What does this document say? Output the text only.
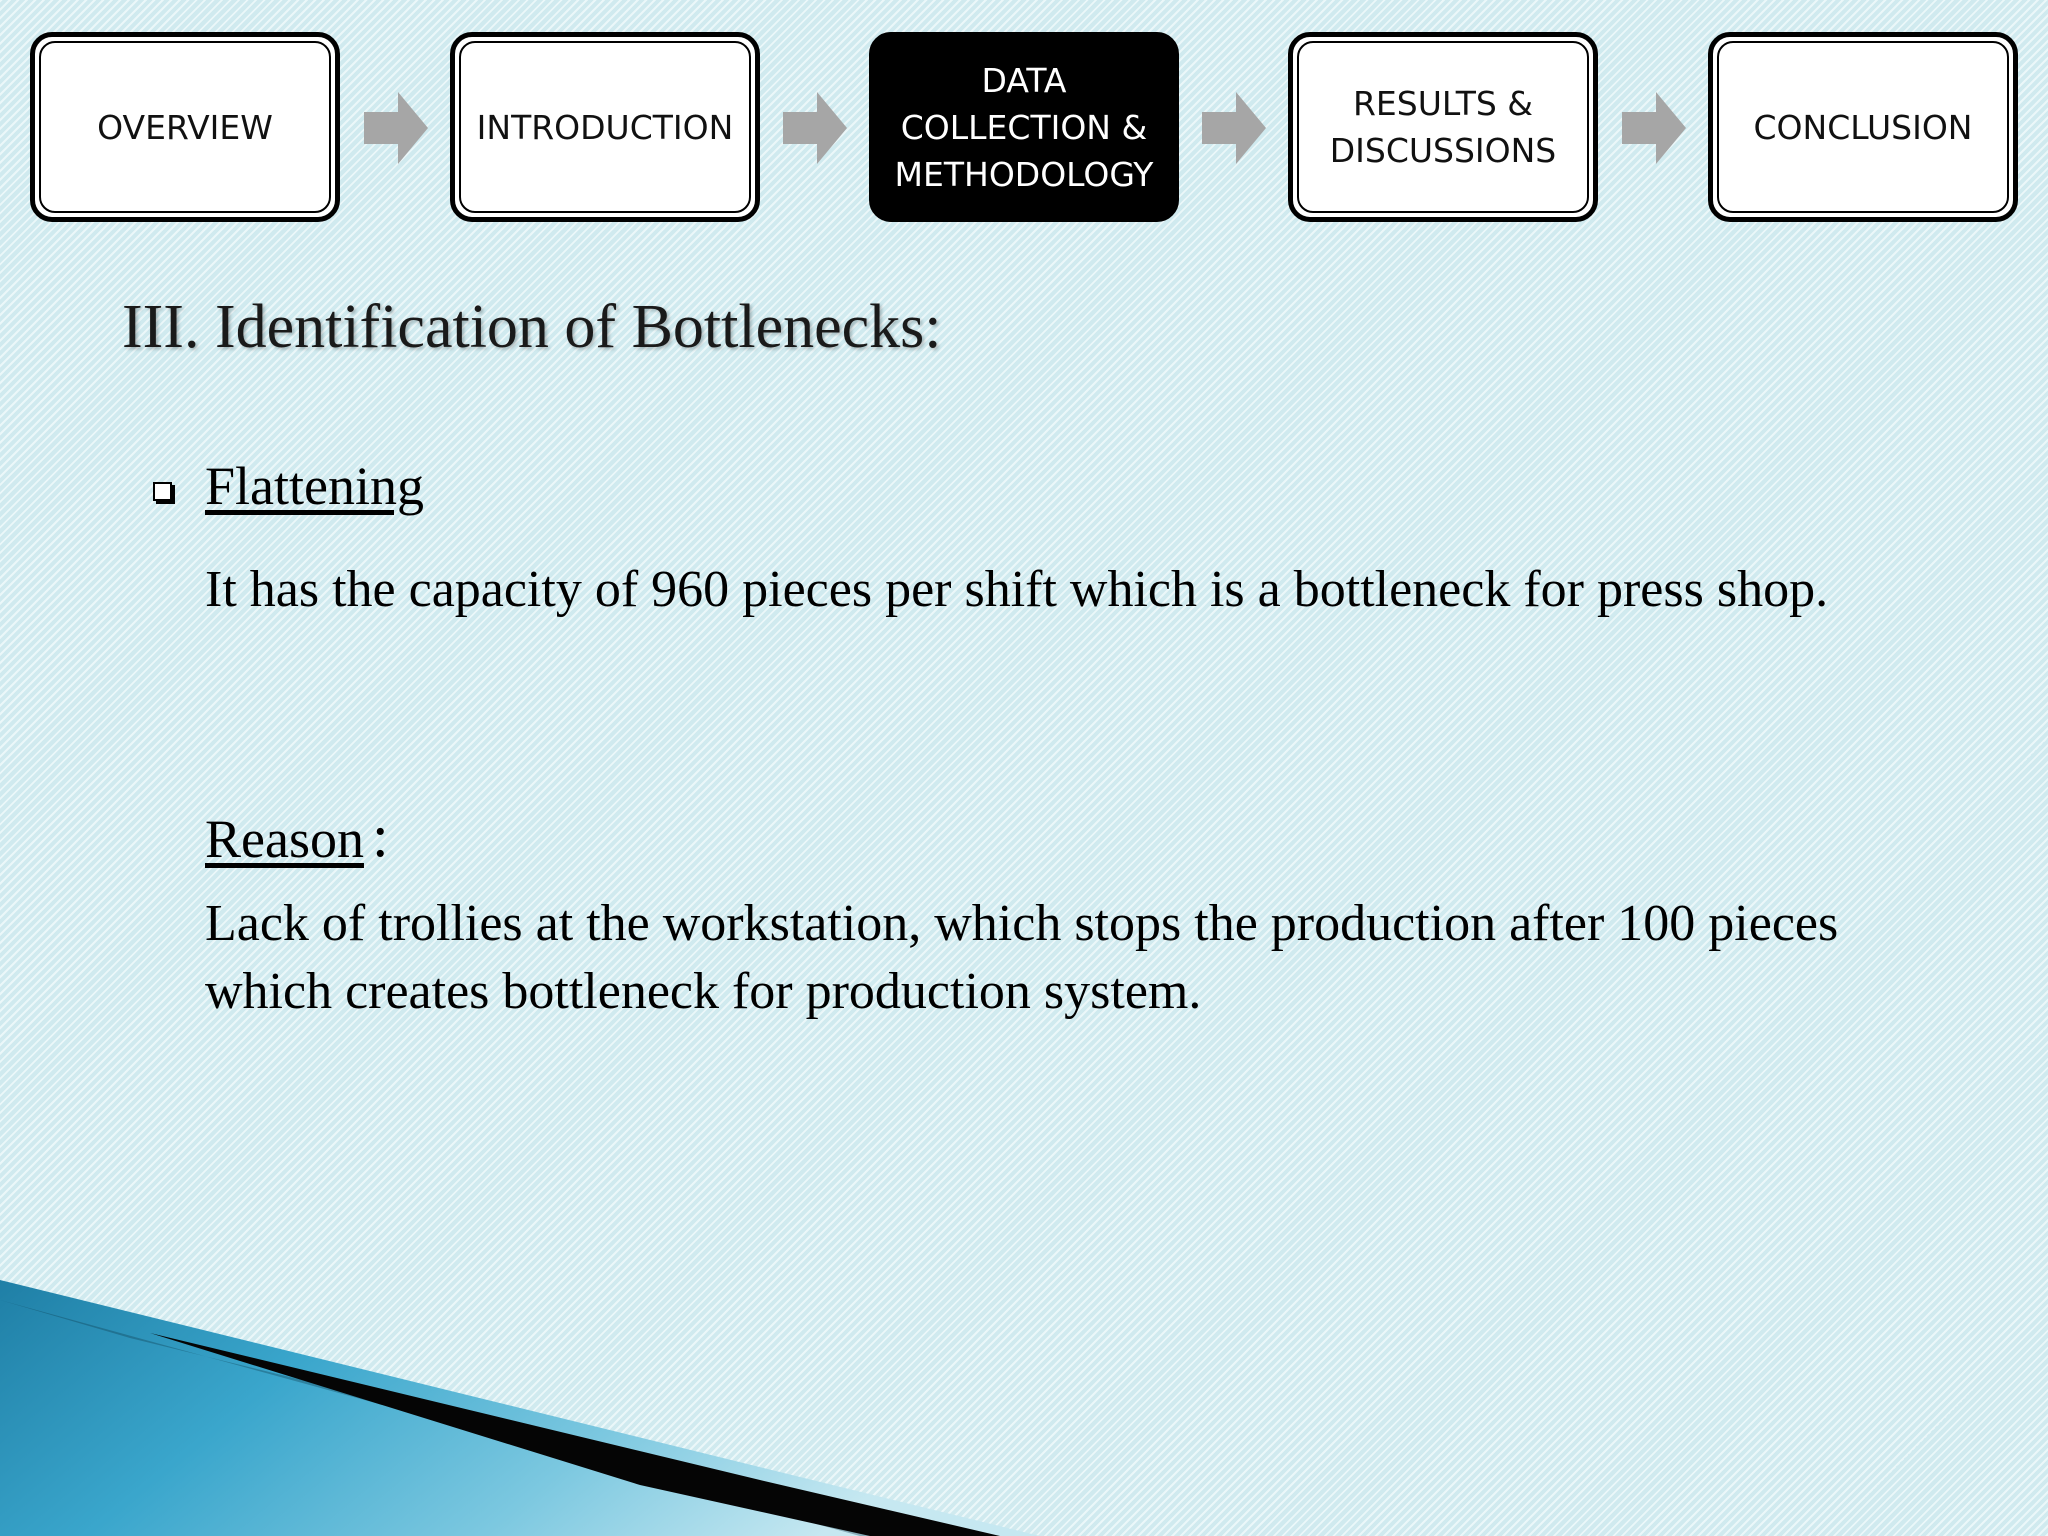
OVERVIEW	INTRODUCTION
DATA
COLLECTION &
METHODOLOGY
RESULTS &
DISCUSSIONS
CONCLUSION
III. Identification of Bottlenecks:
Flattening

It has the capacity of 960 pieces per shift which is a bottleneck for press shop.

Reason :

Lack of trollies at the workstation, which stops the production after 100 pieces which creates bottleneck for production system.
